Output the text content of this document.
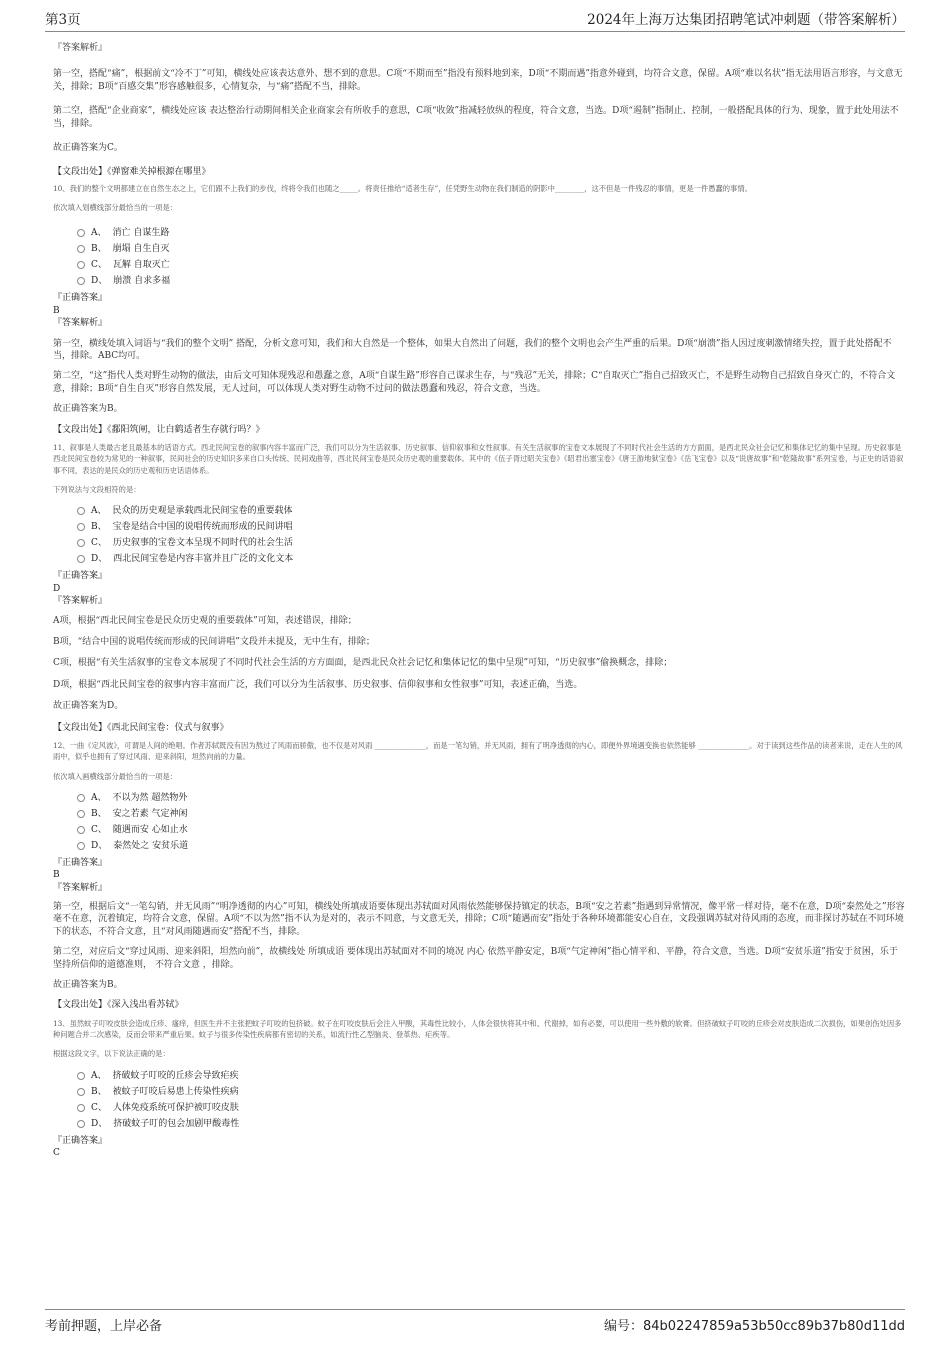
第3页	2024年上海万达集团招聘笔试冲刺题（带答案解析）

『答案解析』

第一空，搭配“痛”，根据前文“冷不丁”可知，横线处应该表达意外、想不到的意思。C项“不期而至”指没有预料地到来，D项“不期而遇”指意外碰到，均符合文意，保留。A项“难以名状”指无法用语言形容，与文意无关，排除；B项“百感交集”形容感触很多，心情复杂，与“痛”搭配不当，排除。

第二空，搭配“企业商家”，横线处应该 表达整治行动期间相关企业商家会有所收手的意思，C项“收敛”指减轻放纵的程度，符合文意，当选。D项“遏制”指制止、控制，一般搭配具体的行为、现象，置于此处用法不当，排除。

故正确答案为C。

【文段出处】《弹窗难关掉根源在哪里》

10、我们的整个文明都建立在自然生态之上，它们跟不上我们的步伐，终将令我们也随之_____。将责任推给“适者生存”，任凭野生动物在我们制造的阴影中________，这不但是一件残忍的事情，更是一件愚蠢的事情。

依次填入划横线部分最恰当的一项是：

A、 消亡 自谋生路
B、 崩塌 自生自灭
C、 瓦解 自取灭亡
D、 崩溃 自求多福

『正确答案』

B

『答案解析』

第一空，横线处填入词语与“我们的整个文明” 搭配，分析文意可知，我们和大自然是一个整体，如果大自然出了问题，我们的整个文明也会产生严重的后果。D项“崩溃”指人因过度刺激情绪失控，置于此处搭配不当，排除。ABC均可。

第二空，“这”指代人类对野生动物的做法，由后文可知体现残忍和愚蠢之意，A项“自谋生路”形容自己谋求生存，与“残忍”无关，排除；C“自取灭亡”指自己招致灭亡，不是野生动物自己招致自身灭亡的，不符合文意，排除；B项“自生自灭”形容自然发展，无人过问，可以体现人类对野生动物不过问的做法愚蠢和残忍，符合文意，当选。

故正确答案为B。

【文段出处】《鄱阳筑闸，让白鹤适者生存就行吗？》

11、叙事是人类最古老且最基本的话语方式。西北民间宝卷的叙事内容丰富而广泛，我们可以分为生活叙事、历史叙事、信仰叙事和女性叙事。有关生活叙事的宝卷文本展现了不同时代社会生活的方方面面，是西北民众社会记忆和集体记忆的集中呈现。历史叙事是西北民间宝卷较为常见的一种叙事，民间社会的历史知识多来自口头传统、民间戏曲等，西北民间宝卷是民众历史观的重要载体。其中的《伍子胥过昭关宝卷》《昭君出塞宝卷》《唐王游地狱宝卷》《岳飞宝卷》以及“说唐故事”和“乾隆故事”系列宝卷，与正史的话语叙事不同，表达的是民众的历史观和历史话语体系。

下列说法与文段相符的是：

A、 民众的历史观是承载西北民间宝卷的重要载体
B、 宝卷是结合中国的说唱传统而形成的民间讲唱
C、 历史叙事的宝卷文本呈现不同时代的社会生活
D、 西北民间宝卷是内容丰富并且广泛的文化文本

『正确答案』

D

『答案解析』

A项，根据“西北民间宝卷是民众历史观的重要载体”可知，表述错误，排除；

B项，“结合中国的说唱传统而形成的民间讲唱”文段并未提及，无中生有，排除；

C项，根据“有关生活叙事的宝卷文本展现了不同时代社会生活的方方面面，是西北民众社会记忆和集体记忆的集中呈现”可知，“历史叙事”偷换概念，排除；

D项，根据“西北民间宝卷的叙事内容丰富而广泛，我们可以分为生活叙事、历史叙事、信仰叙事和女性叙事”可知，表述正确，当选。

故正确答案为D。

【文段出处】《西北民间宝卷：仪式与叙事》

12、一曲《定风波》，可谓是人间的绝唱。作者苏轼既没有因为熬过了风雨而骄傲，也不仅是对风雨 ______________，而是一笔勾销，并无风雨，拥有了明净透彻的内心，即便外界境遇变换也依然能够 ______________。对于读到这些作品的读者来说，走在人生的风雨中，似乎也拥有了穿过风雨、迎来斜阳，坦然向前的力量。

依次填入画横线部分最恰当的一项是：

A、 不以为然 超然物外
B、 安之若素 气定神闲
C、 随遇而安 心如止水
D、 泰然处之 安贫乐道

『正确答案』

B

『答案解析』

第一空，根据后文“一笔勾销，并无风雨”“明净透彻的内心”可知，横线处所填成语要体现出苏轼面对风雨依然能够保持镇定的状态，B项“安之若素”指遇到异常情况，像平常一样对待，毫不在意，D项“泰然处之”形容毫不在意，沉着镇定，均符合文意，保留。A项“不以为然”指不认为是对的，表示不同意，与文意无关，排除；C项“随遇而安”指处于各种环境都能安心自在，文段强调苏轼对待风雨的态度，而非探讨苏轼在不同环境下的状态，不符合文意，且“对风雨随遇而安”搭配不当，排除。

第二空，对应后文“穿过风雨、迎来斜阳，坦然向前”，故横线处 所填成语 要体现出苏轼面对不同的境况 内心 依然平静安定，B项“气定神闲”指心情平和、平静，符合文意，当选。D项“安贫乐道”指安于贫困，乐于坚持所信仰的道德准则， 不符合文意 ，排除。

故正确答案为B。

【文段出处】《深入浅出看苏轼》

13、虽然蚊子叮咬皮肤会造成丘疹、瘙痒，但医生并不主张把蚊子叮咬的包挤破。蚊子在叮咬皮肤后会注入甲酸，其毒性比较小，人体会很快将其中和、代谢掉，如有必要，可以使用一些外敷的软膏。但挤破蚊子叮咬的丘疹会对皮肤造成二次损伤，如果创伤处因多种问题合并二次感染，反而会带来严重后果。蚊子与很多传染性疾病都有密切的关系，如流行性乙型脑炎、登革热、疟疾等。

根据这段文字，以下说法正确的是：

A、 挤破蚊子叮咬的丘疹会导致疟疾
B、 被蚊子叮咬后易患上传染性疾病
C、 人体免疫系统可保护被叮咬皮肤
D、 挤破蚊子叮的包会加剧甲酸毒性

『正确答案』

C

考前押题，上岸必备	编号：84b02247859a53b50cc89b37b80d11dd
